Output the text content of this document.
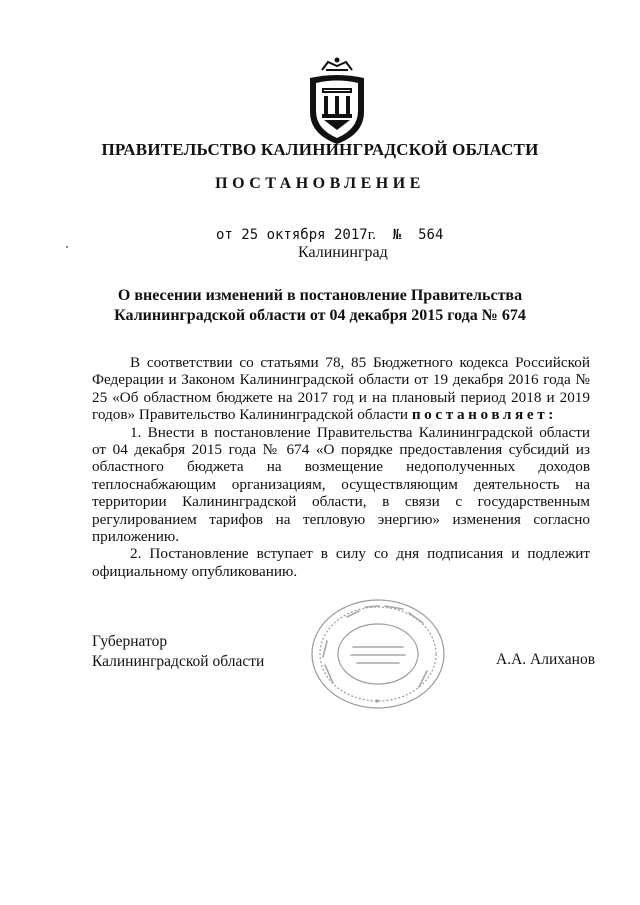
ПРАВИТЕЛЬСТВО КАЛИНИНГРАДСКОЙ ОБЛАСТИ
ПОСТАНОВЛЕНИЕ
от 25 октября 2017г. № 564
Калининград
О внесении изменений в постановление Правительства
Калининградской области от 04 декабря 2015 года № 674

В соответствии со статьями 78, 85 Бюджетного кодекса Российской Федерации и Законом Калининградской области от 19 декабря 2016 года № 25 «Об областном бюджете на 2017 год и на плановый период 2018 и 2019 годов» Правительство Калининградской области постановляет:

1. Внести в постановление Правительства Калининградской области от 04 декабря 2015 года № 674 «О порядке предоставления субсидий из областного бюджета на возмещение недополученных доходов теплоснабжающим организациям, осуществляющим деятельность на территории Калининградской области, в связи с государственным регулированием тарифов на тепловую энергию» изменения согласно приложению.

2. Постановление вступает в силу со дня подписания и подлежит официальному опубликованию.

Губернатор
Калининградской области	А.А. Алиханов
